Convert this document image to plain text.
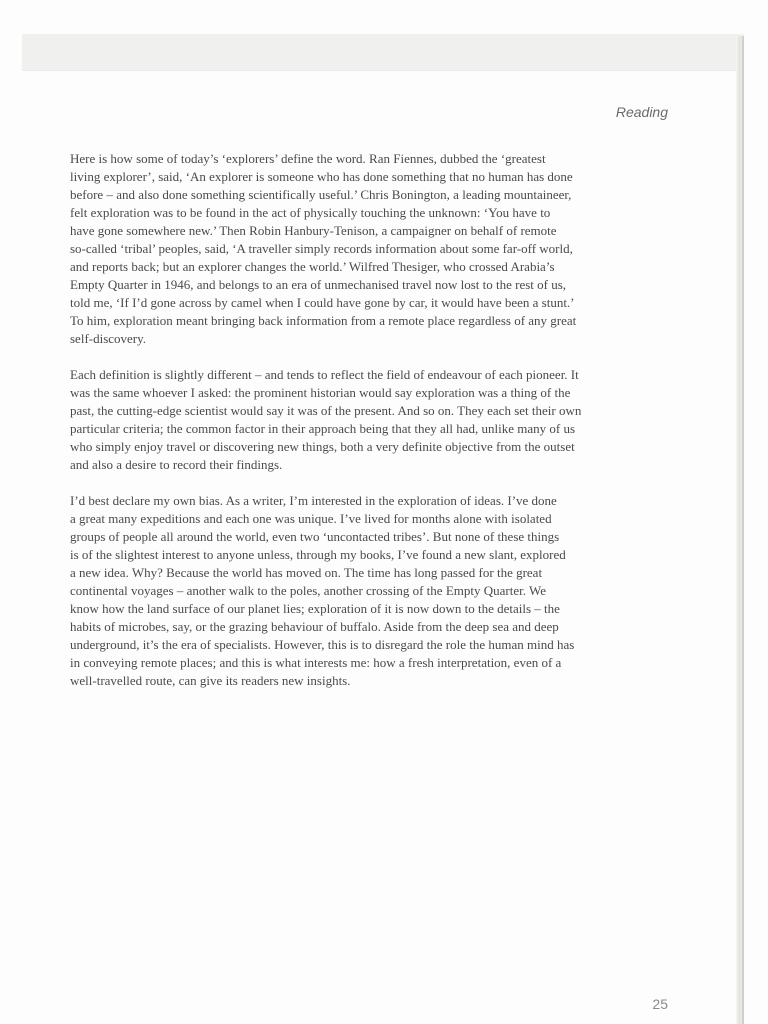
Reading
Here is how some of today’s ‘explorers’ define the word. Ran Fiennes, dubbed the ‘greatest
living explorer’, said, ‘An explorer is someone who has done something that no human has done
before – and also done something scientifically useful.’ Chris Bonington, a leading mountaineer,
felt exploration was to be found in the act of physically touching the unknown: ‘You have to
have gone somewhere new.’ Then Robin Hanbury-Tenison, a campaigner on behalf of remote
so-called ‘tribal’ peoples, said, ‘A traveller simply records information about some far-off world,
and reports back; but an explorer changes the world.’ Wilfred Thesiger, who crossed Arabia’s
Empty Quarter in 1946, and belongs to an era of unmechanised travel now lost to the rest of us,
told me, ‘If I’d gone across by camel when I could have gone by car, it would have been a stunt.’
To him, exploration meant bringing back information from a remote place regardless of any great
self-discovery.
Each definition is slightly different – and tends to reflect the field of endeavour of each pioneer. It
was the same whoever I asked: the prominent historian would say exploration was a thing of the
past, the cutting-edge scientist would say it was of the present. And so on. They each set their own
particular criteria; the common factor in their approach being that they all had, unlike many of us
who simply enjoy travel or discovering new things, both a very definite objective from the outset
and also a desire to record their findings.
I’d best declare my own bias. As a writer, I’m interested in the exploration of ideas. I’ve done
a great many expeditions and each one was unique. I’ve lived for months alone with isolated
groups of people all around the world, even two ‘uncontacted tribes’. But none of these things
is of the slightest interest to anyone unless, through my books, I’ve found a new slant, explored
a new idea. Why? Because the world has moved on. The time has long passed for the great
continental voyages – another walk to the poles, another crossing of the Empty Quarter. We
know how the land surface of our planet lies; exploration of it is now down to the details – the
habits of microbes, say, or the grazing behaviour of buffalo. Aside from the deep sea and deep
underground, it’s the era of specialists. However, this is to disregard the role the human mind has
in conveying remote places; and this is what interests me: how a fresh interpretation, even of a
well-travelled route, can give its readers new insights.
25
